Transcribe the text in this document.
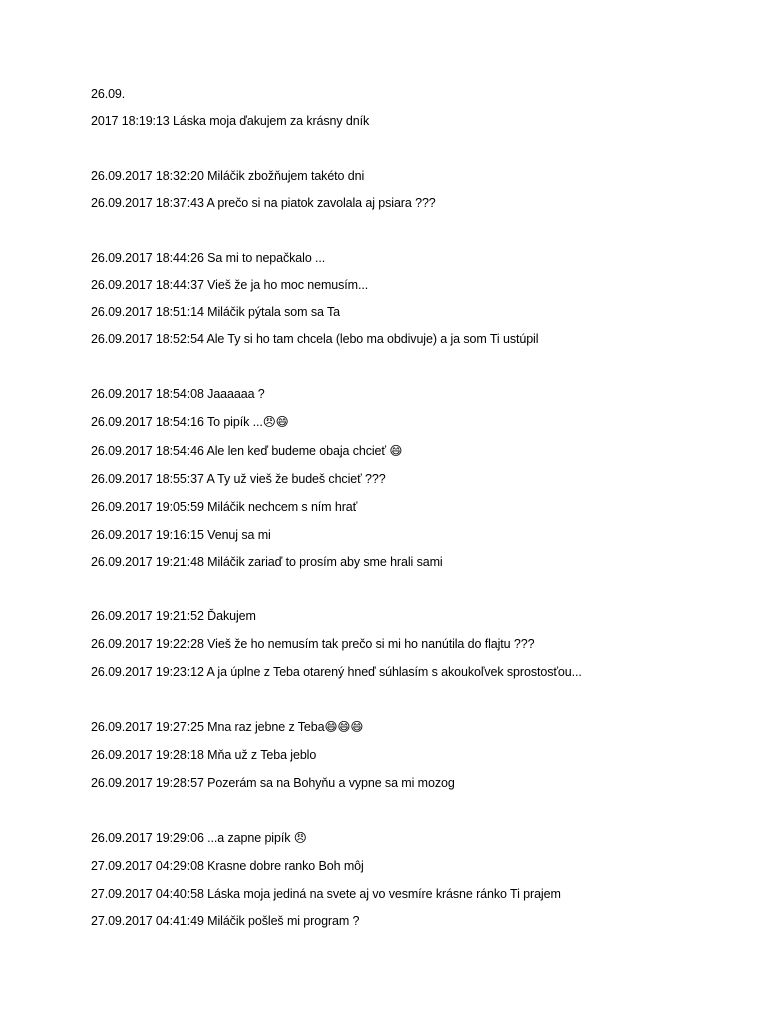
26.09.
2017 18:19:13 Láska moja ďakujem za krásny dník
26.09.2017 18:32:20 Miláčik zbožňujem takéto dni
26.09.2017 18:37:43 A prečo si na piatok zavolala aj psiara ???
26.09.2017 18:44:26 Sa mi to nepačkalo ...
26.09.2017 18:44:37 Vieš že ja ho moc nemusím...
26.09.2017 18:51:14 Miláčik pýtala som sa Ta
26.09.2017 18:52:54 Ale Ty si ho tam chcela (lebo ma obdivuje) a ja som Ti ustúpil
26.09.2017 18:54:08 Jaaaaaa ?
26.09.2017 18:54:16 To pipík ...😠😄
26.09.2017 18:54:46 Ale len keď budeme obaja chcieť 😄
26.09.2017 18:55:37 A Ty už vieš že budeš chcieť ???
26.09.2017 19:05:59 Miláčik nechcem s ním hrať
26.09.2017 19:16:15 Venuj sa mi
26.09.2017 19:21:48 Miláčik zariaď to prosím aby sme hrali sami
26.09.2017 19:21:52 Ďakujem
26.09.2017 19:22:28 Vieš že ho nemusím tak prečo si mi ho nanútila do flajtu ???
26.09.2017 19:23:12 A ja úplne z Teba otarený hneď súhlasím s akoukoľvek sprostosťou...
26.09.2017 19:27:25 Mna raz jebne z Teba😄😄😄
26.09.2017 19:28:18 Mňa už z Teba jeblo
26.09.2017 19:28:57 Pozerám sa na Bohyňu a vypne sa mi mozog
26.09.2017 19:29:06 ...a zapne pipík 😠
27.09.2017 04:29:08 Krasne dobre ranko Boh môj
27.09.2017 04:40:58 Láska moja jediná na svete aj vo vesmíre krásne ránko Ti prajem
27.09.2017 04:41:49 Miláčik pošleš mi program ?
